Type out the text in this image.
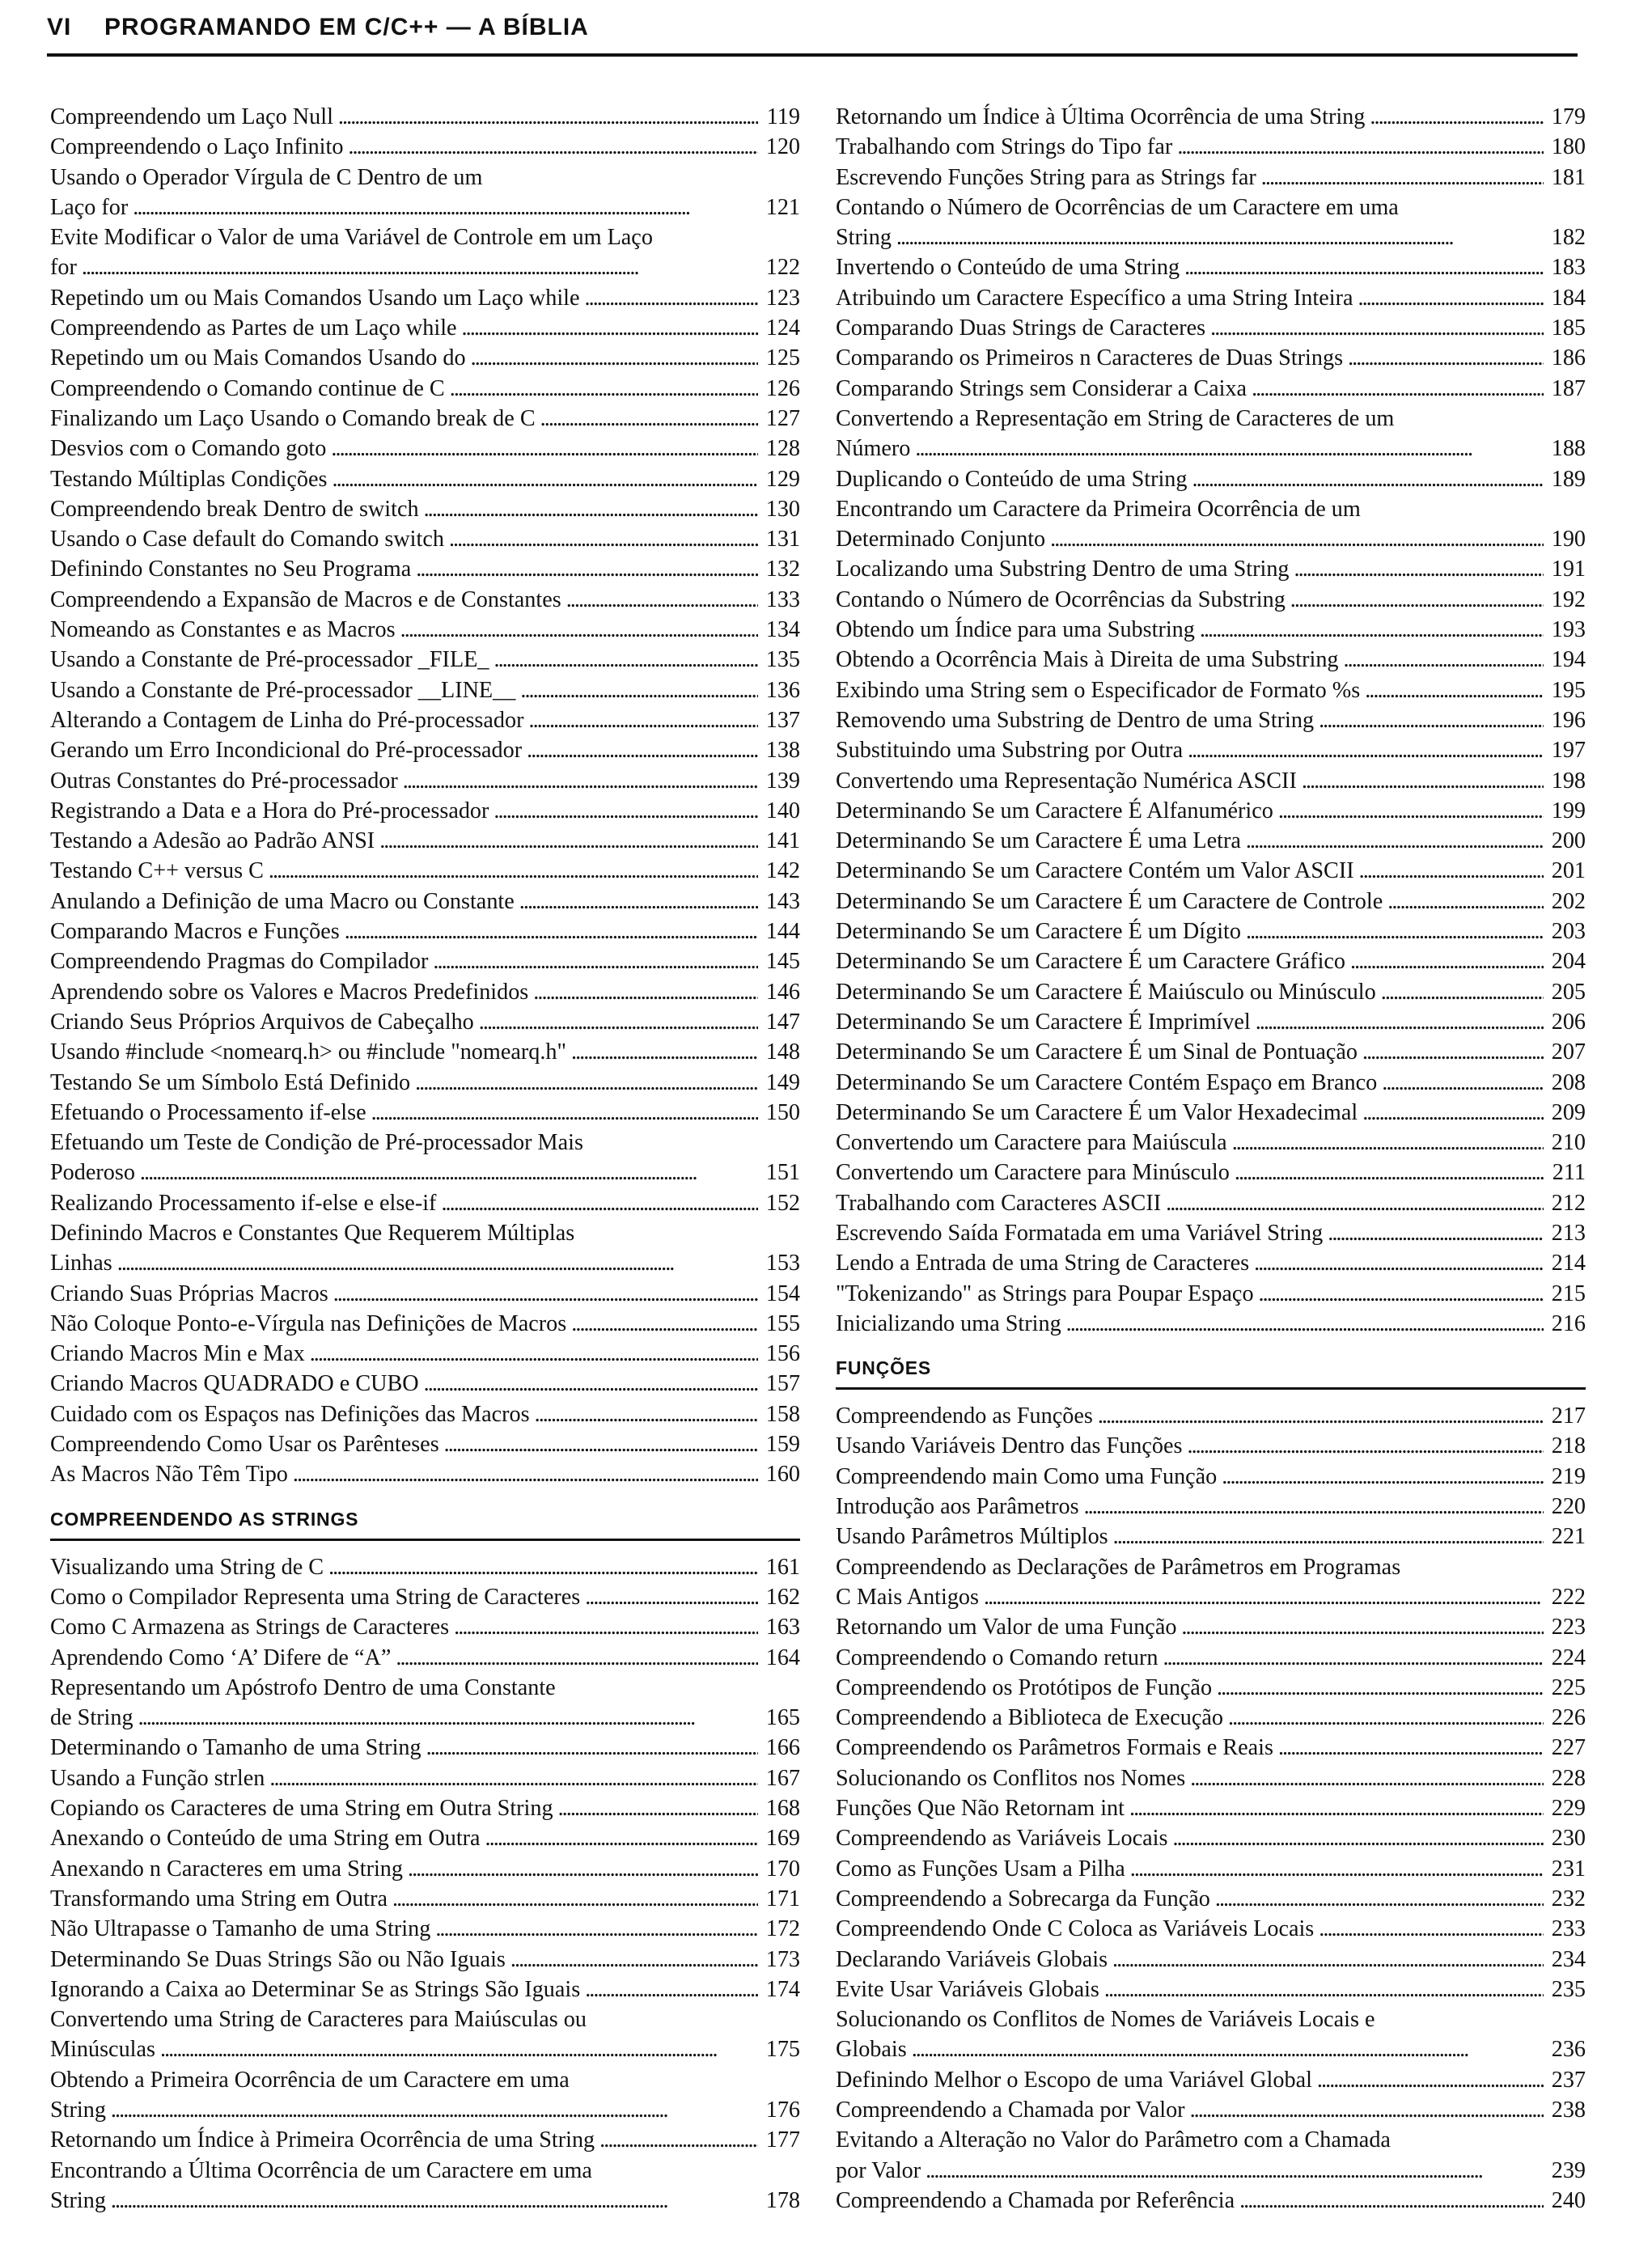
VI PROGRAMANDO EM C/C++ — A BÍBLIA
Compreendendo um Laço Null . . .	119
Compreendendo o Laço Infinito . . .	120
Usando o Operador Vírgula de C Dentro de um
Laço for . . .	121
Evite Modificar o Valor de uma Variável de Controle em um Laço
for . . .	122
Repetindo um ou Mais Comandos Usando um Laço while . . .	123
Compreendendo as Partes de um Laço while . . .	124
Repetindo um ou Mais Comandos Usando do . . .	125
Compreendendo o Comando continue de C . . .	126
Finalizando um Laço Usando o Comando break de C . . .	127
Desvios com o Comando goto . . .	128
Testando Múltiplas Condições . . .	129
Compreendendo break Dentro de switch . . .	130
Usando o Case default do Comando switch . . .	131
Definindo Constantes no Seu Programa . . .	132
Compreendendo a Expansão de Macros e de Constantes . . .	133
Nomeando as Constantes e as Macros . . .	134
Usando a Constante de Pré-processador _FILE_ . . .	135
Usando a Constante de Pré-processador __LINE__ . . .	136
Alterando a Contagem de Linha do Pré-processador . . .	137
Gerando um Erro Incondicional do Pré-processador . . .	138
Outras Constantes do Pré-processador . . .	139
Registrando a Data e a Hora do Pré-processador . . .	140
Testando a Adesão ao Padrão ANSI . . .	141
Testando C++ versus C . . .	142
Anulando a Definição de uma Macro ou Constante . . .	143
Comparando Macros e Funções . . .	144
Compreendendo Pragmas do Compilador . . .	145
Aprendendo sobre os Valores e Macros Predefinidos . . .	146
Criando Seus Próprios Arquivos de Cabeçalho . . .	147
Usando #include <nomearq.h> ou #include "nomearq.h" . . .	148
Testando Se um Símbolo Está Definido . . .	149
Efetuando o Processamento if-else . . .	150
Efetuando um Teste de Condição de Pré-processador Mais
Poderoso . . .	151
Realizando Processamento if-else e else-if . . .	152
Definindo Macros e Constantes Que Requerem Múltiplas
Linhas . . .	153
Criando Suas Próprias Macros . . .	154
Não Coloque Ponto-e-Vírgula nas Definições de Macros . . .	155
Criando Macros Min e Max . . .	156
Criando Macros QUADRADO e CUBO . . .	157
Cuidado com os Espaços nas Definições das Macros . . .	158
Compreendendo Como Usar os Parênteses . . .	159
As Macros Não Têm Tipo . . .	160
COMPREENDENDO AS STRINGS
Visualizando uma String de C . . .	161
Como o Compilador Representa uma String de Caracteres . . .	162
Como C Armazena as Strings de Caracteres . . .	163
Aprendendo Como ‘A’ Difere de “A” . . .	164
Representando um Apóstrofo Dentro de uma Constante
de String . . .	165
Determinando o Tamanho de uma String . . .	166
Usando a Função strlen . . .	167
Copiando os Caracteres de uma String em Outra String . . .	168
Anexando o Conteúdo de uma String em Outra . . .	169
Anexando n Caracteres em uma String . . .	170
Transformando uma String em Outra . . .	171
Não Ultrapasse o Tamanho de uma String . . .	172
Determinando Se Duas Strings São ou Não Iguais . . .	173
Ignorando a Caixa ao Determinar Se as Strings São Iguais . . .	174
Convertendo uma String de Caracteres para Maiúsculas ou
Minúsculas . . .	175
Obtendo a Primeira Ocorrência de um Caractere em uma
String . . .	176
Retornando um Índice à Primeira Ocorrência de uma String . . .	177
Encontrando a Última Ocorrência de um Caractere em uma
String . . .	178
Retornando um Índice à Última Ocorrência de uma String . . .	179
Trabalhando com Strings do Tipo far . . .	180
Escrevendo Funções String para as Strings far . . .	181
Contando o Número de Ocorrências de um Caractere em uma
String . . .	182
Invertendo o Conteúdo de uma String . . .	183
Atribuindo um Caractere Específico a uma String Inteira . . .	184
Comparando Duas Strings de Caracteres . . .	185
Comparando os Primeiros n Caracteres de Duas Strings . . .	186
Comparando Strings sem Considerar a Caixa . . .	187
Convertendo a Representação em String de Caracteres de um
Número . . .	188
Duplicando o Conteúdo de uma String . . .	189
Encontrando um Caractere da Primeira Ocorrência de um
Determinado Conjunto . . .	190
Localizando uma Substring Dentro de uma String . . .	191
Contando o Número de Ocorrências da Substring . . .	192
Obtendo um Índice para uma Substring . . .	193
Obtendo a Ocorrência Mais à Direita de uma Substring . . .	194
Exibindo uma String sem o Especificador de Formato %s . . .	195
Removendo uma Substring de Dentro de uma String . . .	196
Substituindo uma Substring por Outra . . .	197
Convertendo uma Representação Numérica ASCII . . .	198
Determinando Se um Caractere É Alfanumérico . . .	199
Determinando Se um Caractere É uma Letra . . .	200
Determinando Se um Caractere Contém um Valor ASCII . . .	201
Determinando Se um Caractere É um Caractere de Controle . . .	202
Determinando Se um Caractere É um Dígito . . .	203
Determinando Se um Caractere É um Caractere Gráfico . . .	204
Determinando Se um Caractere É Maiúsculo ou Minúsculo . . .	205
Determinando Se um Caractere É Imprimível . . .	206
Determinando Se um Caractere É um Sinal de Pontuação . . .	207
Determinando Se um Caractere Contém Espaço em Branco . . .	208
Determinando Se um Caractere É um Valor Hexadecimal . . .	209
Convertendo um Caractere para Maiúscula . . .	210
Convertendo um Caractere para Minúsculo . . .	211
Trabalhando com Caracteres ASCII . . .	212
Escrevendo Saída Formatada em uma Variável String . . .	213
Lendo a Entrada de uma String de Caracteres . . .	214
"Tokenizando" as Strings para Poupar Espaço . . .	215
Inicializando uma String . . .	216
FUNÇÕES
Compreendendo as Funções . . .	217
Usando Variáveis Dentro das Funções . . .	218
Compreendendo main Como uma Função . . .	219
Introdução aos Parâmetros . . .	220
Usando Parâmetros Múltiplos . . .	221
Compreendendo as Declarações de Parâmetros em Programas
C Mais Antigos . . .	222
Retornando um Valor de uma Função . . .	223
Compreendendo o Comando return . . .	224
Compreendendo os Protótipos de Função . . .	225
Compreendendo a Biblioteca de Execução . . .	226
Compreendendo os Parâmetros Formais e Reais . . .	227
Solucionando os Conflitos nos Nomes . . .	228
Funções Que Não Retornam int . . .	229
Compreendendo as Variáveis Locais . . .	230
Como as Funções Usam a Pilha . . .	231
Compreendendo a Sobrecarga da Função . . .	232
Compreendendo Onde C Coloca as Variáveis Locais . . .	233
Declarando Variáveis Globais . . .	234
Evite Usar Variáveis Globais . . .	235
Solucionando os Conflitos de Nomes de Variáveis Locais e
Globais . . .	236
Definindo Melhor o Escopo de uma Variável Global . . .	237
Compreendendo a Chamada por Valor . . .	238
Evitando a Alteração no Valor do Parâmetro com a Chamada
por Valor . . .	239
Compreendendo a Chamada por Referência . . .	240
